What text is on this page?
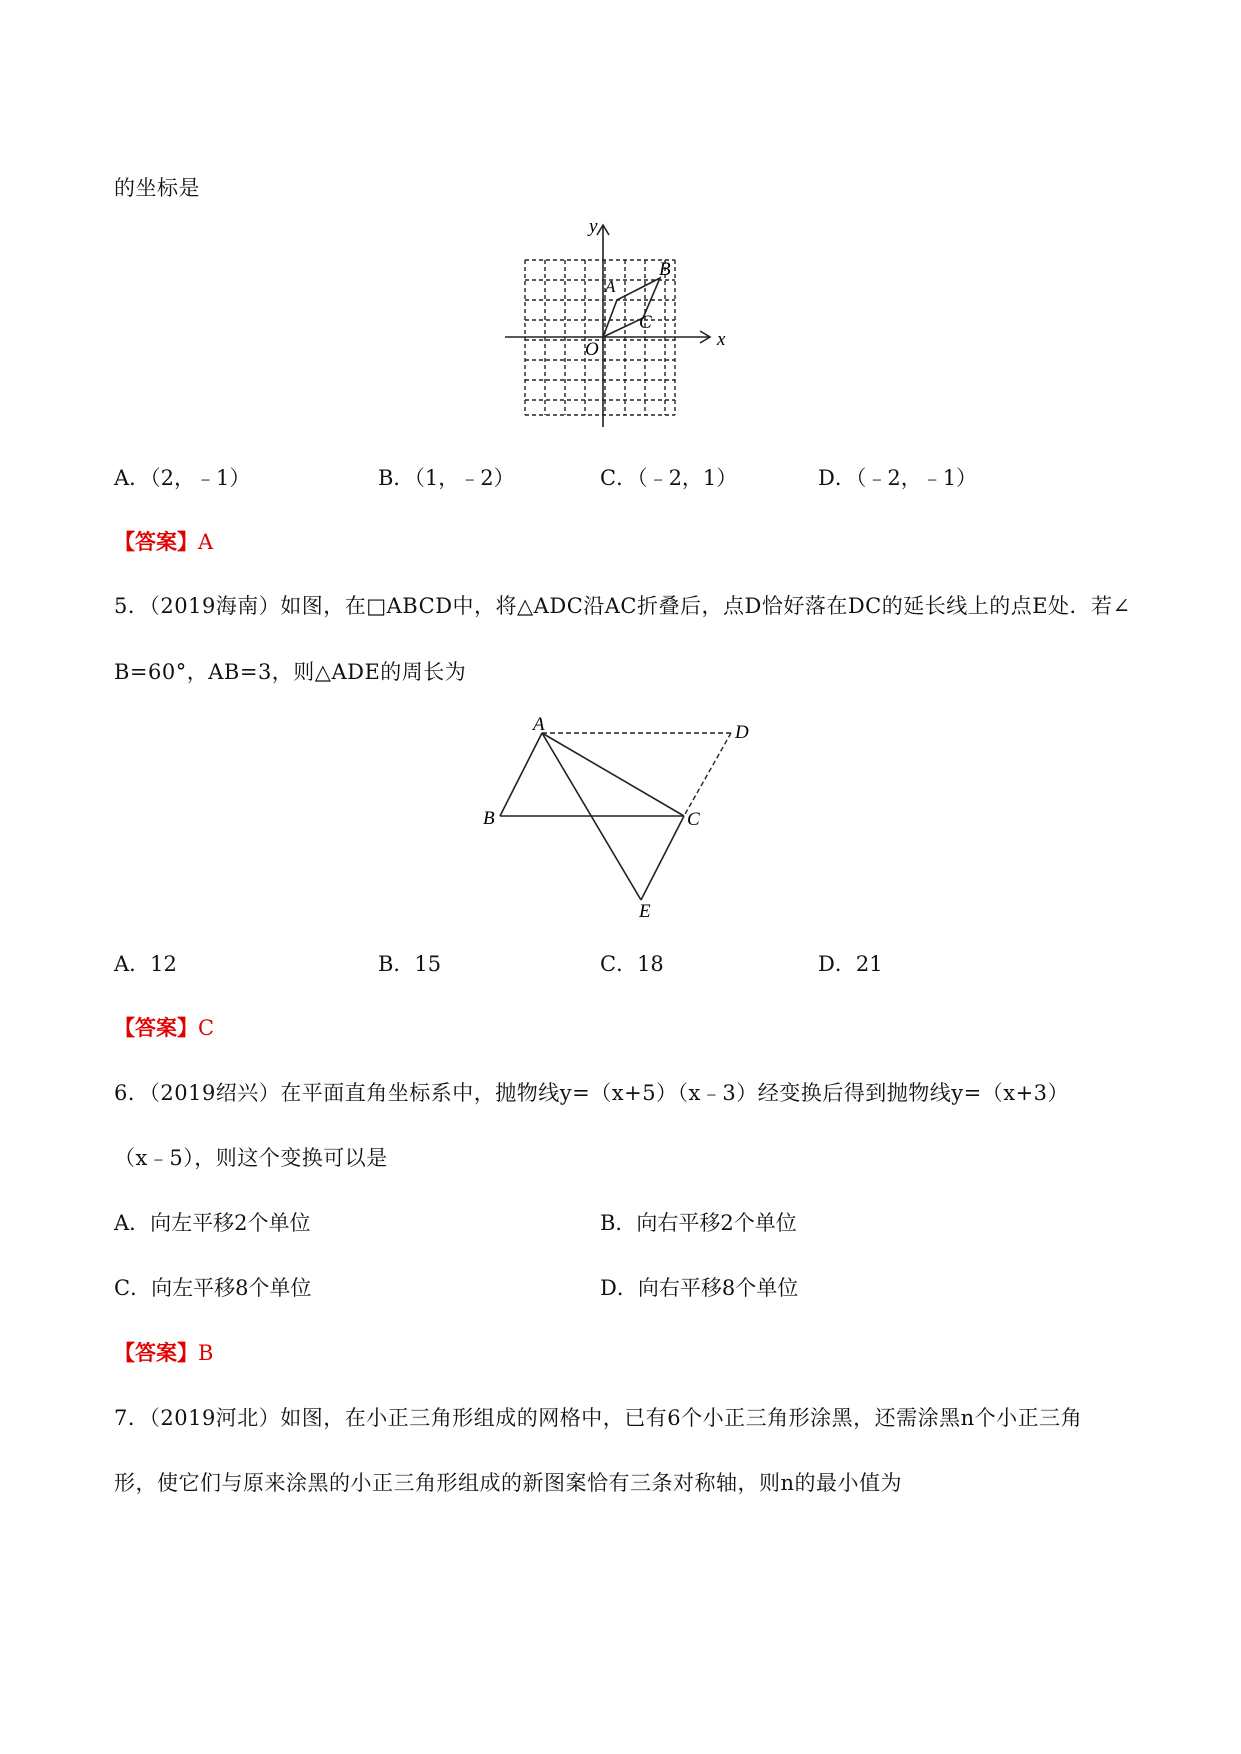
的坐标是
y
x
O
A
B
C
A．（2，﹣1）	B．（1，﹣2）	C．（﹣2，1）	D．（﹣2，﹣1）
【答案】A
5．（2019海南）如图，在□ABCD中，将△ADC沿AC折叠后，点D恰好落在DC的延长线上的点E处．若∠
B=60°，AB=3，则△ADE的周长为
A	D
B	C
E
A．12	B．15	C．18	D．21
【答案】C
6．（2019绍兴）在平面直角坐标系中，抛物线y=（x+5）（x﹣3）经变换后得到抛物线y=（x+3）
（x﹣5），则这个变换可以是
A．向左平移2个单位	B．向右平移2个单位
C．向左平移8个单位	D．向右平移8个单位
【答案】B
7．（2019河北）如图，在小正三角形组成的网格中，已有6个小正三角形涂黑，还需涂黑n个小正三角
形，使它们与原来涂黑的小正三角形组成的新图案恰有三条对称轴，则n的最小值为
